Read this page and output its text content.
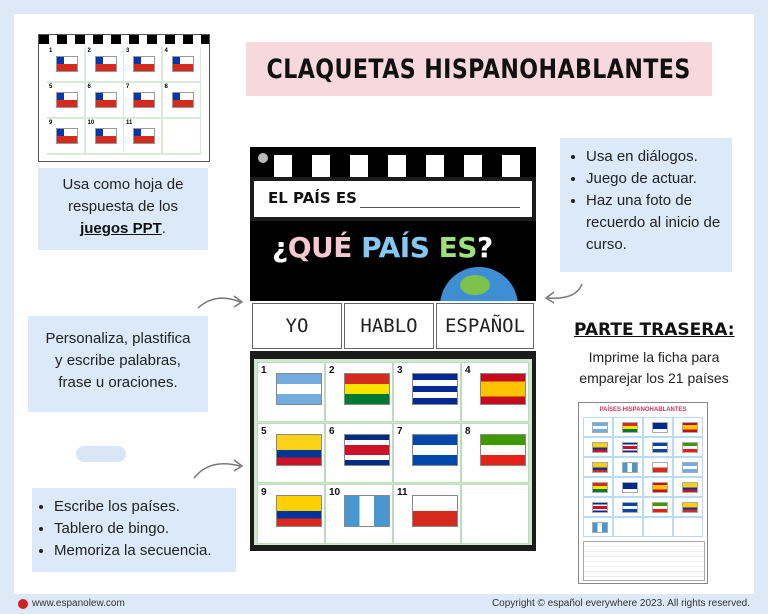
CLAQUETAS HISPANOHABLANTES
1	2	3	4
5	6	7	8
9	10	11
Usa como hoja de
respuesta de los
juegos PPT.
Personaliza, plastifica
y escribe palabras,
frase u oraciones.
• Escribe los países.
• Tablero de bingo.
• Memoriza la secuencia.
EL PAÍS ES
¿QUÉ PAÍS ES?
YO	HABLO	ESPAÑOL
1	2	3	4
5	6	7	8
9	10	11
• Usa en diálogos.
• Juego de actuar.
• Haz una foto de recuerdo al inicio de curso.
PARTE TRASERA:
Imprime la ficha para emparejar los 21 países
PAÍSES HISPANOHABLANTES
www.espanolew.com	Copyright © español everywhere 2023. All rights reserved.
